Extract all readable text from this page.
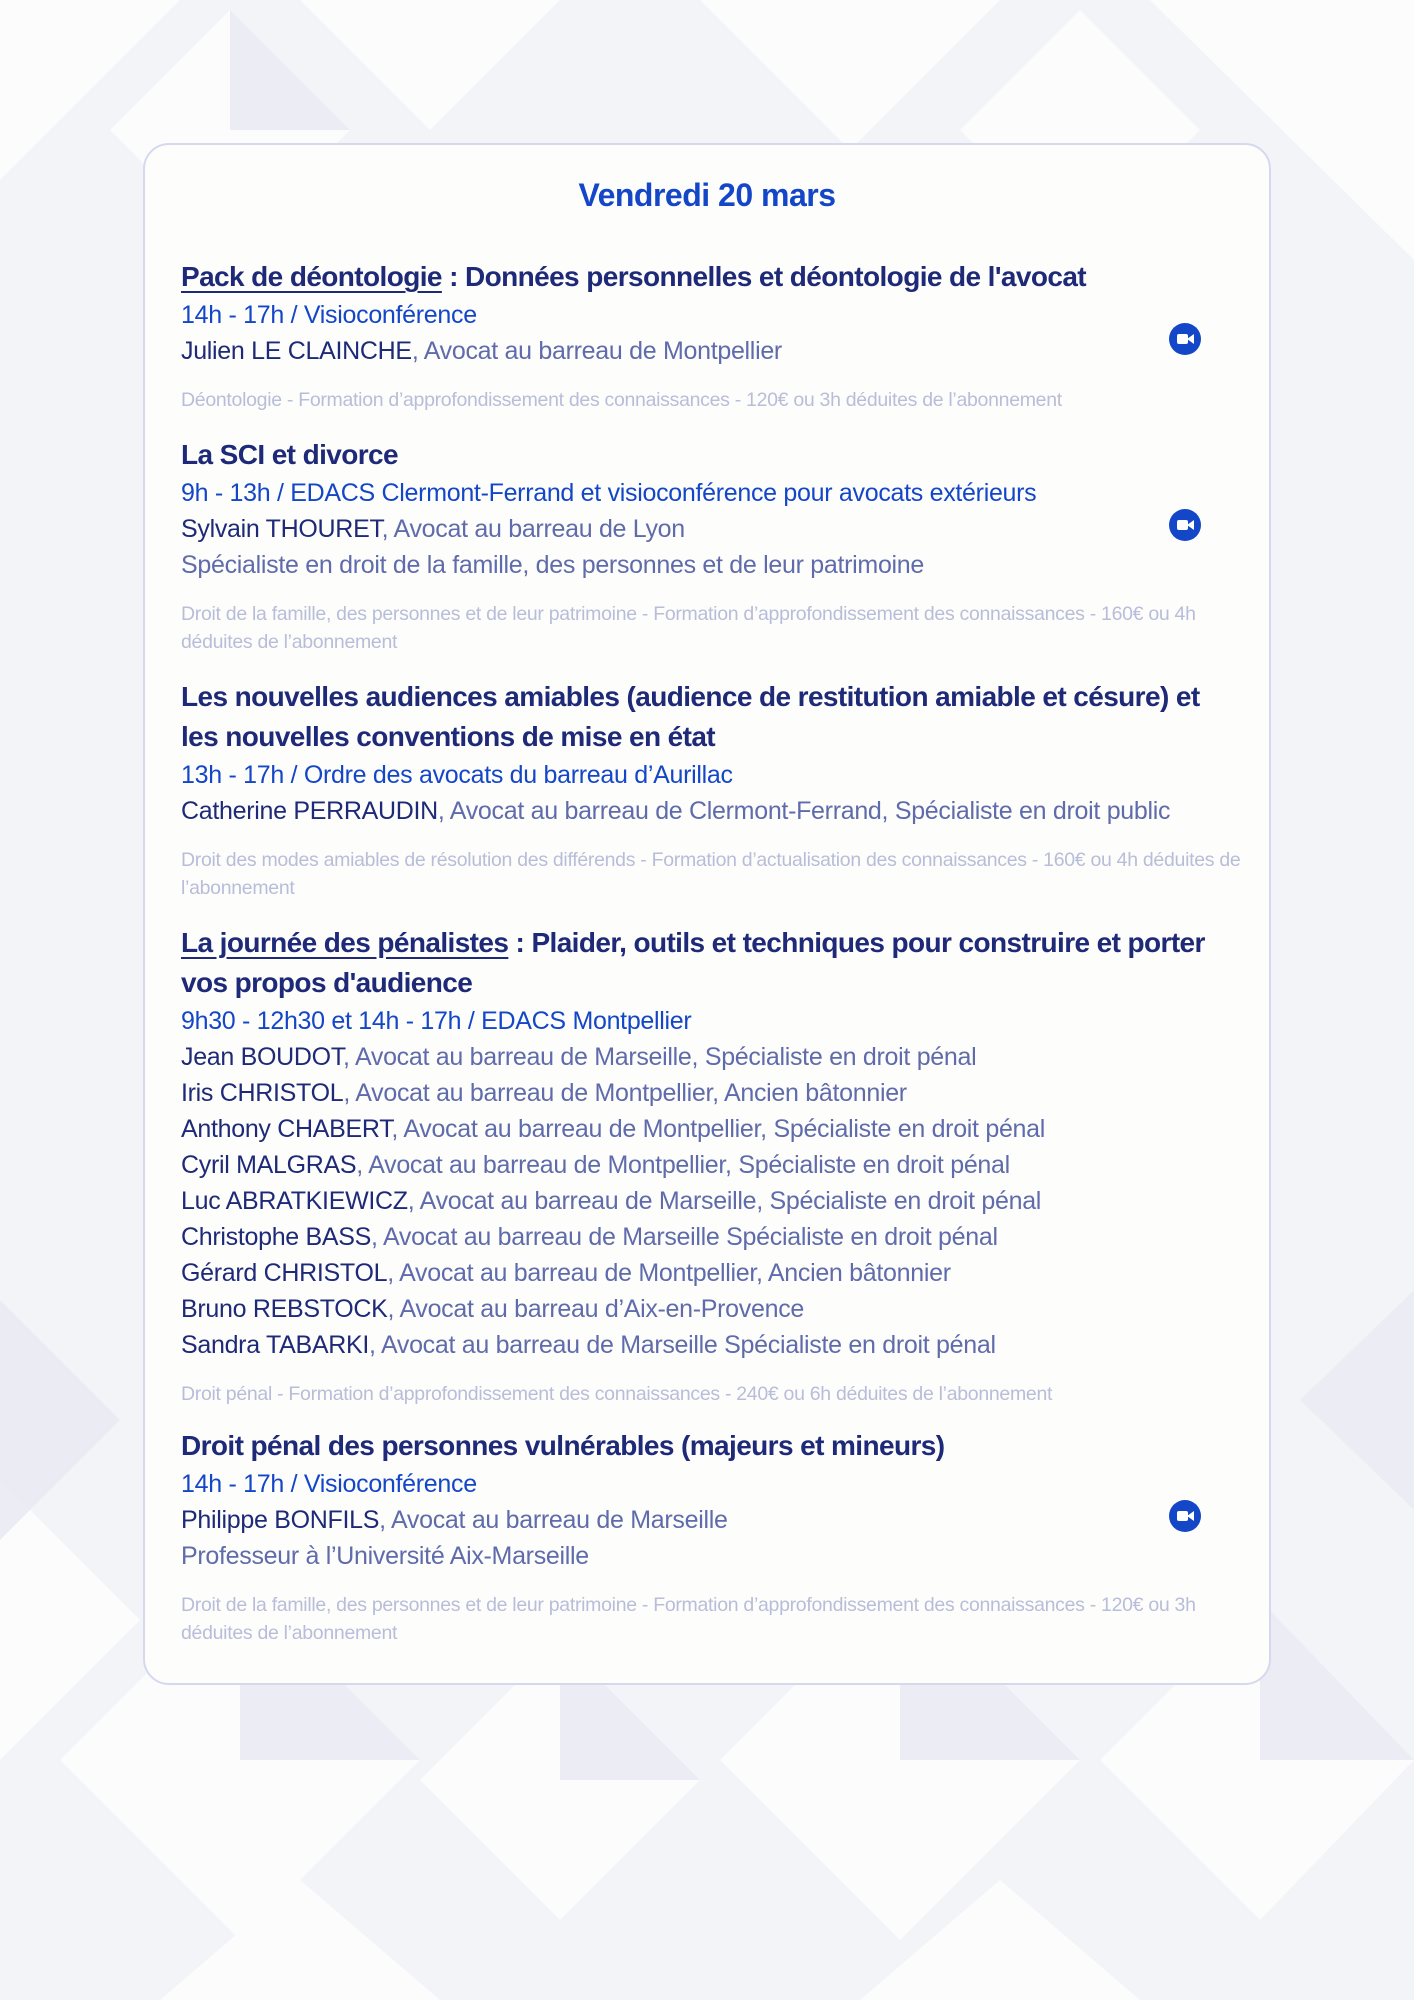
Vendredi 20 mars
Pack de déontologie : Données personnelles et déontologie de l'avocat
14h - 17h / Visioconférence
Julien LE CLAINCHE, Avocat au barreau de Montpellier
Déontologie - Formation d’approfondissement des connaissances - 120€ ou 3h déduites de l’abonnement
La SCI et divorce
9h - 13h / EDACS Clermont-Ferrand et visioconférence pour avocats extérieurs
Sylvain THOURET, Avocat au barreau de Lyon
Spécialiste en droit de la famille, des personnes et de leur patrimoine
Droit de la famille, des personnes et de leur patrimoine - Formation d’approfondissement des connaissances - 160€ ou 4h déduites de l’abonnement
Les nouvelles audiences amiables (audience de restitution amiable et césure) et les nouvelles conventions de mise en état
13h - 17h / Ordre des avocats du barreau d’Aurillac
Catherine PERRAUDIN, Avocat au barreau de Clermont-Ferrand, Spécialiste en droit public
Droit des modes amiables de résolution des différends - Formation d’actualisation des connaissances - 160€ ou 4h déduites de l’abonnement
La journée des pénalistes : Plaider, outils et techniques pour construire et porter vos propos d'audience
9h30 - 12h30 et 14h - 17h / EDACS Montpellier
Jean BOUDOT, Avocat au barreau de Marseille, Spécialiste en droit pénal
Iris CHRISTOL, Avocat au barreau de Montpellier, Ancien bâtonnier
Anthony CHABERT, Avocat au barreau de Montpellier, Spécialiste en droit pénal
Cyril MALGRAS, Avocat au barreau de Montpellier, Spécialiste en droit pénal
Luc ABRATKIEWICZ, Avocat au barreau de Marseille, Spécialiste en droit pénal
Christophe BASS, Avocat au barreau de Marseille Spécialiste en droit pénal
Gérard CHRISTOL, Avocat au barreau de Montpellier, Ancien bâtonnier
Bruno REBSTOCK, Avocat au barreau d’Aix-en-Provence
Sandra TABARKI, Avocat au barreau de Marseille Spécialiste en droit pénal
Droit pénal - Formation d’approfondissement des connaissances - 240€ ou 6h déduites de l’abonnement
Droit pénal des personnes vulnérables (majeurs et mineurs)
14h - 17h / Visioconférence
Philippe BONFILS, Avocat au barreau de Marseille
Professeur à l’Université Aix-Marseille
Droit de la famille, des personnes et de leur patrimoine - Formation d’approfondissement des connaissances - 120€ ou 3h déduites de l’abonnement
